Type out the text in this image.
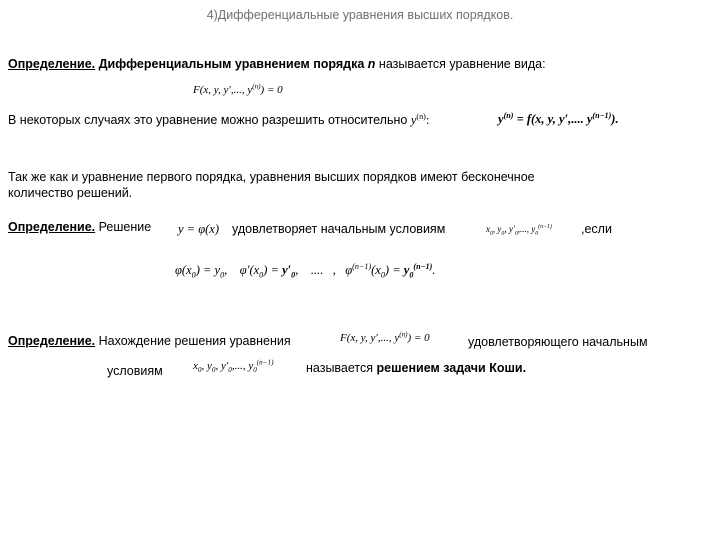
4)Дифференциальные уравнения высших порядков.
Определение. Дифференциальным уравнением порядка n называется уравнение вида:
F(x, y, y′,..., $y^{(n)}) = 0$
В некоторых случаях это уравнение можно разрешить относительно $y^{(n)}$:	$y^{(n)} = f(x$, y, y′,.... $y^{(n-1)}$).
Так же как и уравнение первого порядка, уравнения высших порядков имеют бесконечное
количество решений.
Определение. Решение y = φ(x) удовлетворяет начальным условиям	$x_0$, $y_0$, $y'_0$,..., $y_0^{(n-1)}$ ,если
$\varphi(x_0) = y_0$,    $\varphi'(x_0) = y'_0$,    ....   ,   $\varphi^{(n-1)}(x_0) = y_0^{(n-1)}$.
Определение. Нахождение решения уравнения	F(x, y, y′,..., $y^{(n)}) = 0$	удовлетворяющего начальным
условиям	$x_0$, $y_0$, $y'_0$,..., $y_0^{(n-1)}$	называется решением задачи Коши.
